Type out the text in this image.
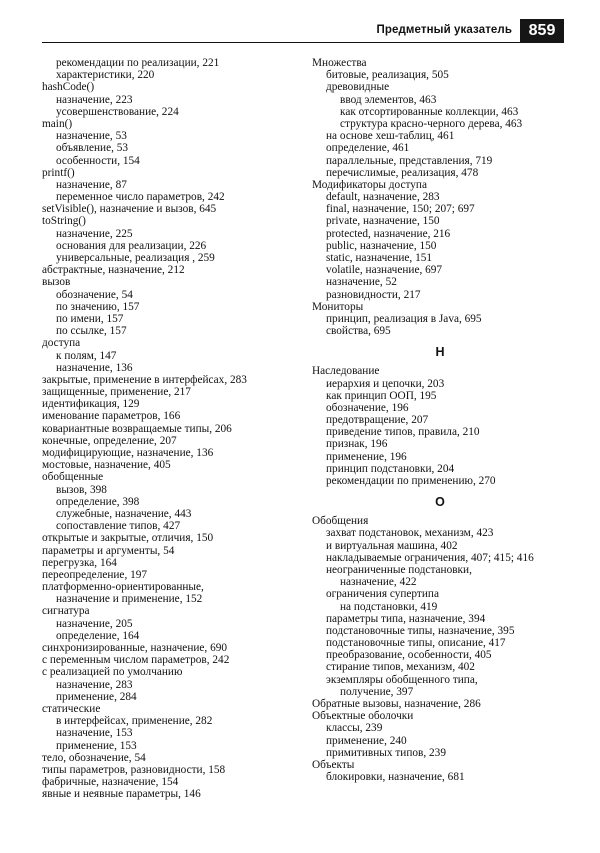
Предметный указатель	859
рекомендации по реализации, 221
характеристики, 220
hashCode()
назначение, 223
усовершенствование, 224
main()
назначение, 53
объявление, 53
особенности, 154
printf()
назначение, 87
переменное число параметров, 242
setVisible(), назначение и вызов, 645
toString()
назначение, 225
основания для реализации, 226
универсальные, реализация , 259
абстрактные, назначение, 212
вызов
обозначение, 54
по значению, 157
по имени, 157
по ссылке, 157
доступа
к полям, 147
назначение, 136
закрытые, применение в интерфейсах, 283
защищенные, применение, 217
идентификация, 129
именование параметров, 166
ковариантные возвращаемые типы, 206
конечные, определение, 207
модифицирующие, назначение, 136
мостовые, назначение, 405
обобщенные
вызов, 398
определение, 398
служебные, назначение, 443
сопоставление типов, 427
открытые и закрытые, отличия, 150
параметры и аргументы, 54
перегрузка, 164
переопределение, 197
платформенно-ориентированные,
назначение и применение, 152
сигнатура
назначение, 205
определение, 164
синхронизированные, назначение, 690
с переменным числом параметров, 242
с реализацией по умолчанию
назначение, 283
применение, 284
статические
в интерфейсах, применение, 282
назначение, 153
применение, 153
тело, обозначение, 54
типы параметров, разновидности, 158
фабричные, назначение, 154
явные и неявные параметры, 146
Множества
битовые, реализация, 505
древовидные
ввод элементов, 463
как отсортированные коллекции, 463
структура красно-черного дерева, 463
на основе хеш-таблиц, 461
определение, 461
параллельные, представления, 719
перечислимые, реализация, 478
Модификаторы доступа
default, назначение, 283
final, назначение, 150; 207; 697
private, назначение, 150
protected, назначение, 216
public, назначение, 150
static, назначение, 151
volatile, назначение, 697
назначение, 52
разновидности, 217
Мониторы
принцип, реализация в Java, 695
свойства, 695
Н
Наследование
иерархия и цепочки, 203
как принцип ООП, 195
обозначение, 196
предотвращение, 207
приведение типов, правила, 210
признак, 196
применение, 196
принцип подстановки, 204
рекомендации по применению, 270
О
Обобщения
захват подстановок, механизм, 423
и виртуальная машина, 402
накладываемые ограничения, 407; 415; 416
неограниченные подстановки,
назначение, 422
ограничения супертипа
на подстановки, 419
параметры типа, назначение, 394
подстановочные типы, назначение, 395
подстановочные типы, описание, 417
преобразование, особенности, 405
стирание типов, механизм, 402
экземпляры обобщенного типа,
получение, 397
Обратные вызовы, назначение, 286
Объектные оболочки
классы, 239
применение, 240
примитивных типов, 239
Объекты
блокировки, назначение, 681
